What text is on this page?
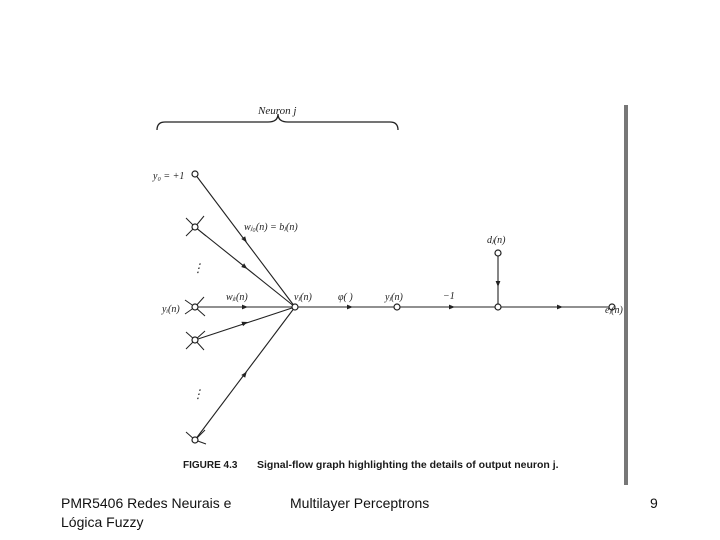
Neuron j
y₀ = +1
yᵢ(n)
wⱼ₀(n) = bⱼ(n)
wⱼᵢ(n)	vⱼ(n)	φ( )	yⱼ(n)	−1
dⱼ(n)
eⱼ(n)
⋮
⋮
FIGURE 4.3 Signal-flow graph highlighting the details of output neuron j.
PMR5406 Redes Neurais e Lógica Fuzzy
Multilayer Perceptrons	9
